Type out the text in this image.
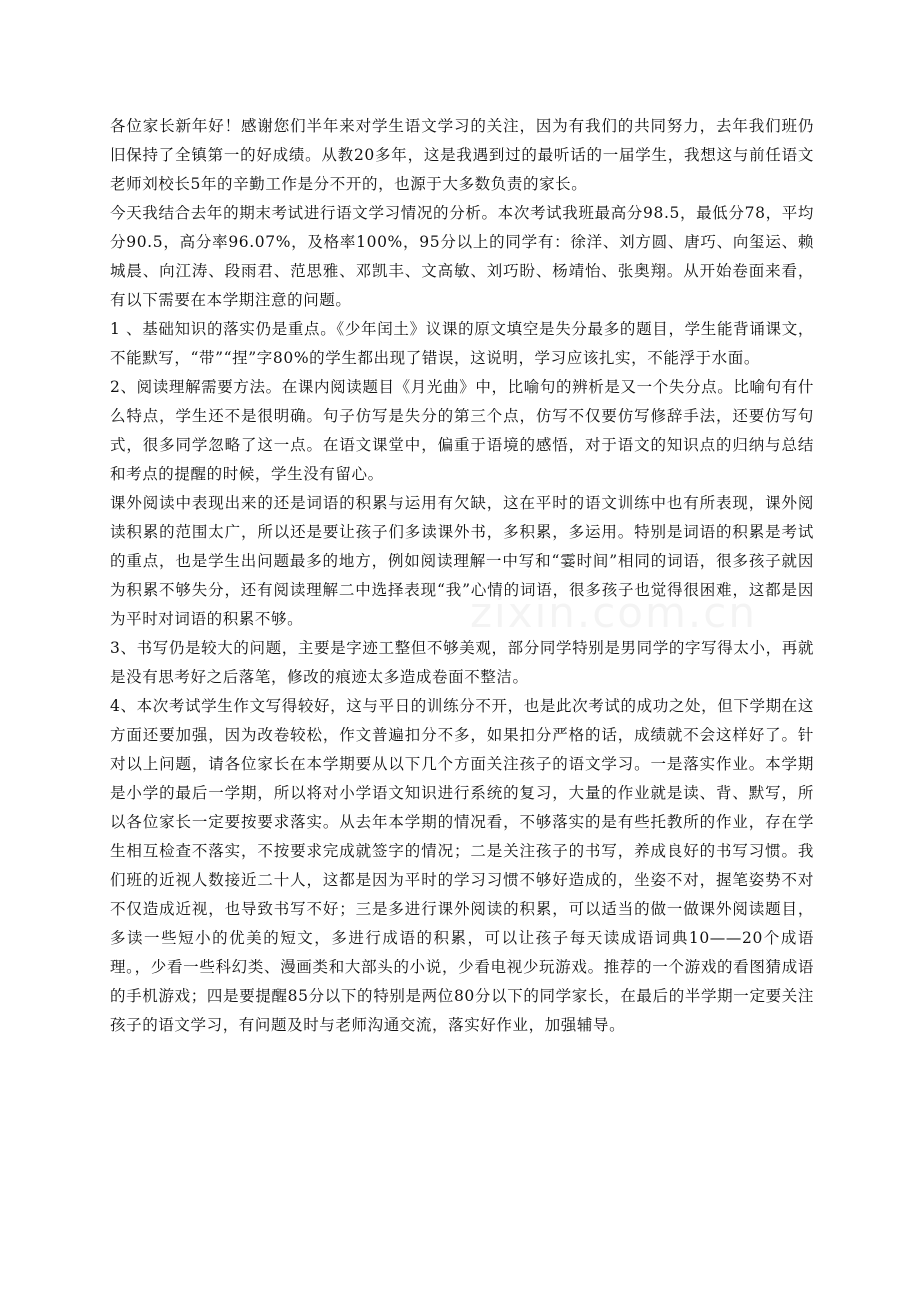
各位家长新年好！感谢您们半年来对学生语文学习的关注，因为有我们的共同努力，去年我们班仍旧保持了全镇第一的好成绩。从教20多年，这是我遇到过的最听话的一届学生，我想这与前任语文老师刘校长5年的辛勤工作是分不开的，也源于大多数负责的家长。

今天我结合去年的期末考试进行语文学习情况的分析。本次考试我班最高分98.5，最低分78，平均分90.5，高分率96.07%，及格率100%，95分以上的同学有：徐洋、刘方圆、唐巧、向玺运、赖城晨、向江涛、段雨君、范思雅、邓凯丰、文高敏、刘巧盼、杨靖怡、张奥翔。从开始卷面来看，有以下需要在本学期注意的问题。

1 、基础知识的落实仍是重点。《少年闰土》议课的原文填空是失分最多的题目，学生能背诵课文，不能默写，“带”“捏”字80%的学生都出现了错误，这说明，学习应该扎实，不能浮于水面。

2、阅读理解需要方法。在课内阅读题目《月光曲》中，比喻句的辨析是又一个失分点。比喻句有什么特点，学生还不是很明确。句子仿写是失分的第三个点，仿写不仅要仿写修辞手法，还要仿写句式，很多同学忽略了这一点。在语文课堂中，偏重于语境的感悟，对于语文的知识点的归纳与总结和考点的提醒的时候，学生没有留心。

课外阅读中表现出来的还是词语的积累与运用有欠缺，这在平时的语文训练中也有所表现，课外阅读积累的范围太广，所以还是要让孩子们多读课外书，多积累，多运用。特别是词语的积累是考试的重点，也是学生出问题最多的地方，例如阅读理解一中写和“霎时间”相同的词语，很多孩子就因为积累不够失分，还有阅读理解二中选择表现“我”心情的词语，很多孩子也觉得很困难，这都是因为平时对词语的积累不够。

3、书写仍是较大的问题，主要是字迹工整但不够美观，部分同学特别是男同学的字写得太小，再就是没有思考好之后落笔，修改的痕迹太多造成卷面不整洁。

4、本次考试学生作文写得较好，这与平日的训练分不开，也是此次考试的成功之处，但下学期在这方面还要加强，因为改卷较松，作文普遍扣分不多，如果扣分严格的话，成绩就不会这样好了。针对以上问题，请各位家长在本学期要从以下几个方面关注孩子的语文学习。一是落实作业。本学期是小学的最后一学期，所以将对小学语文知识进行系统的复习，大量的作业就是读、背、默写，所以各位家长一定要按要求落实。从去年本学期的情况看，不够落实的是有些托教所的作业，存在学生相互检查不落实，不按要求完成就签字的情况；二是关注孩子的书写，养成良好的书写习惯。我们班的近视人数接近二十人，这都是因为平时的学习习惯不够好造成的，坐姿不对，握笔姿势不对不仅造成近视，也导致书写不好；三是多进行课外阅读的积累，可以适当的做一做课外阅读题目，多读一些短小的优美的短文，多进行成语的积累，可以让孩子每天读成语词典10——20个成语理。，少看一些科幻类、漫画类和大部头的小说，少看电视少玩游戏。推荐的一个游戏的看图猜成语的手机游戏；四是要提醒85分以下的特别是两位80分以下的同学家长，在最后的半学期一定要关注孩子的语文学习，有问题及时与老师沟通交流，落实好作业，加强辅导。

zixin.com.cn
